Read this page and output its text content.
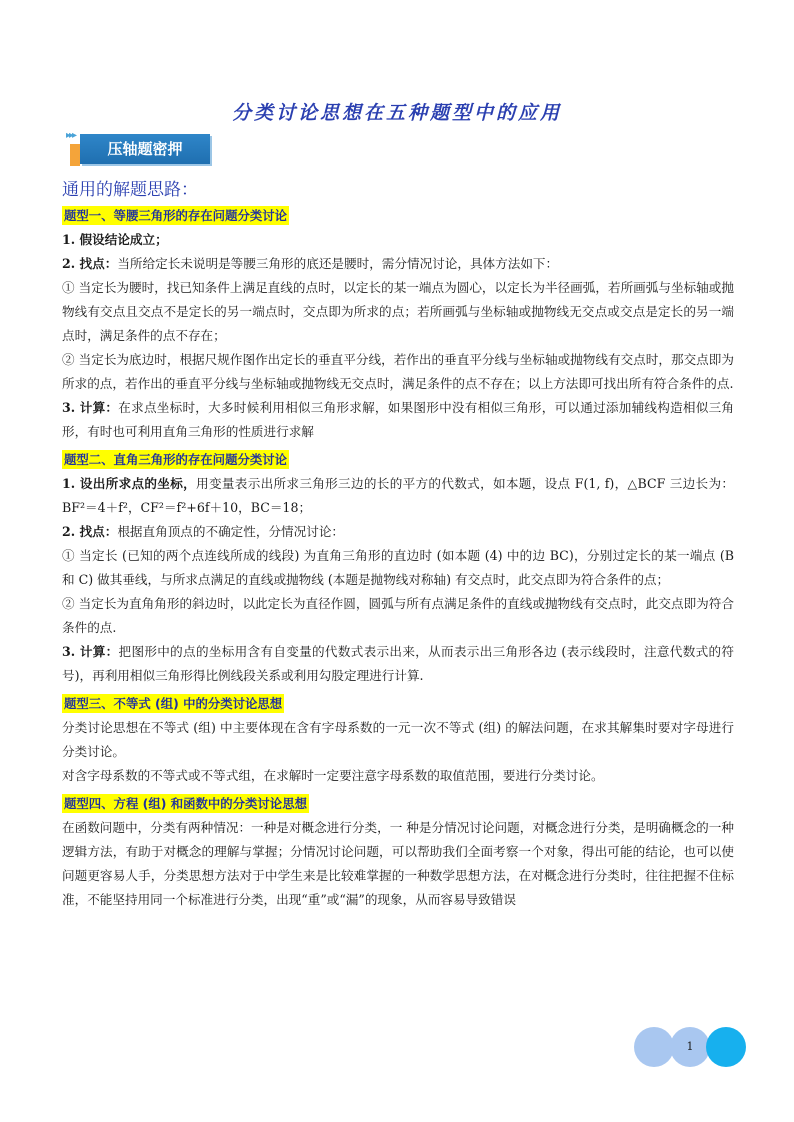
分类讨论思想在五种题型中的应用
▸▸▸
压轴题密押
通用的解题思路：
题型一、等腰三角形的存在问题分类讨论

1. 假设结论成立；

2. 找点：当所给定长未说明是等腰三角形的底还是腰时，需分情况讨论，具体方法如下：

① 当定长为腰时，找已知条件上满足直线的点时，以定长的某一端点为圆心，以定长为半径画弧，若所画弧与坐标轴或抛物线有交点且交点不是定长的另一端点时，交点即为所求的点；若所画弧与坐标轴或抛物线无交点或交点是定长的另一端点时，满足条件的点不存在；

② 当定长为底边时，根据尺规作图作出定长的垂直平分线，若作出的垂直平分线与坐标轴或抛物线有交点时，那交点即为所求的点，若作出的垂直平分线与坐标轴或抛物线无交点时，满足条件的点不存在；以上方法即可找出所有符合条件的点.

3. 计算：在求点坐标时，大多时候利用相似三角形求解，如果图形中没有相似三角形，可以通过添加辅线构造相似三角形，有时也可利用直角三角形的性质进行求解

题型二、直角三角形的存在问题分类讨论

1. 设出所求点的坐标，用变量表示出所求三角形三边的长的平方的代数式，如本题，设点 F(1, f)，△BCF 三边长为：BF²＝4＋f²，CF²＝f²+6f＋10，BC＝18；

2. 找点：根据直角顶点的不确定性，分情况讨论：

① 当定长 (已知的两个点连线所成的线段) 为直角三角形的直边时 (如本题 (4) 中的边 BC)，分别过定长的某一端点 (B 和 C) 做其垂线，与所求点满足的直线或抛物线 (本题是抛物线对称轴) 有交点时，此交点即为符合条件的点；

② 当定长为直角角形的斜边时，以此定长为直径作圆，圆弧与所有点满足条件的直线或抛物线有交点时，此交点即为符合条件的点.

3. 计算：把图形中的点的坐标用含有自变量的代数式表示出来，从而表示出三角形各边 (表示线段时，注意代数式的符号)，再利用相似三角形得比例线段关系或利用勾股定理进行计算.

题型三、不等式 (组) 中的分类讨论思想

分类讨论思想在不等式 (组) 中主要体现在含有字母系数的一元一次不等式 (组) 的解法问题，在求其解集时要对字母进行分类讨论。

对含字母系数的不等式或不等式组，在求解时一定要注意字母系数的取值范围，要进行分类讨论。

题型四、方程 (组) 和函数中的分类讨论思想

在函数问题中，分类有两种情况：一种是对概念进行分类，一 种是分情况讨论问题，对概念进行分类，是明确概念的一种逻辑方法，有助于对概念的理解与掌握；分情况讨论问题，可以帮助我们全面考察一个对象，得出可能的结论，也可以使问题更容易人手，分类思想方法对于中学生来是比较难掌握的一种数学思想方法，在对概念进行分类时，往往把握不住标准，不能坚持用同一个标准进行分类，出现“重”或“漏”的现象，从而容易导致错误

1
